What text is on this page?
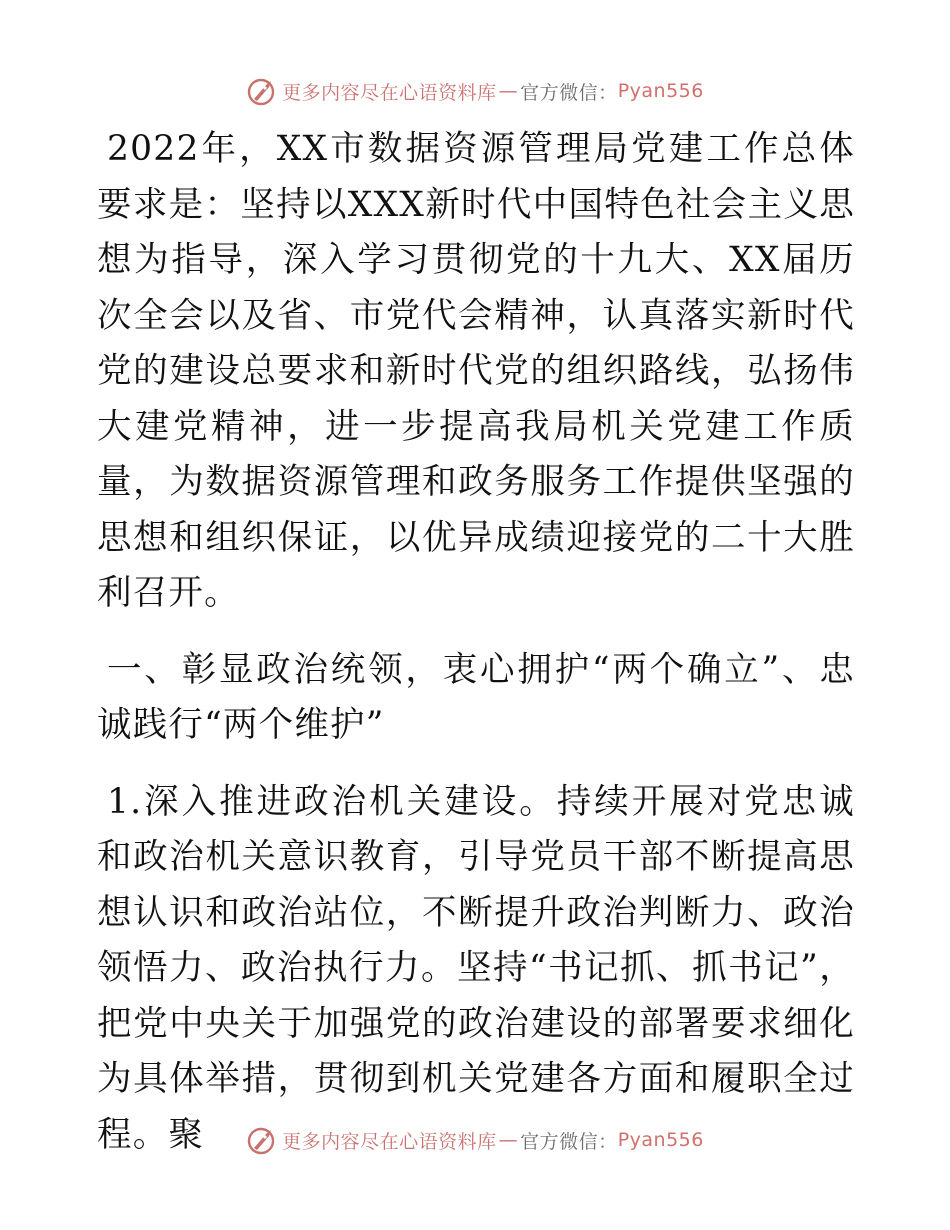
更多内容尽在心语资料库 — 官方微信： Pyan556

2022年，XX市数据资源管理局党建工作总体要求是：坚持以XXX新时代中国特色社会主义思想为指导，深入学习贯彻党的十九大、XX届历次全会以及省、市党代会精神，认真落实新时代党的建设总要求和新时代党的组织路线，弘扬伟大建党精神，进一步提高我局机关党建工作质量，为数据资源管理和政务服务工作提供坚强的思想和组织保证，以优异成绩迎接党的二十大胜利召开。

一、彰显政治统领，衷心拥护“两个确立”、忠诚践行“两个维护”

1.深入推进政治机关建设。持续开展对党忠诚和政治机关意识教育，引导党员干部不断提高思想认识和政治站位，不断提升政治判断力、政治领悟力、政治执行力。坚持“书记抓、抓书记”，把党中央关于加强党的政治建设的部署要求细化为具体举措，贯彻到机关党建各方面和履职全过程。聚	更多内容尽在心语资料库 — 官方微信： Pyan556
